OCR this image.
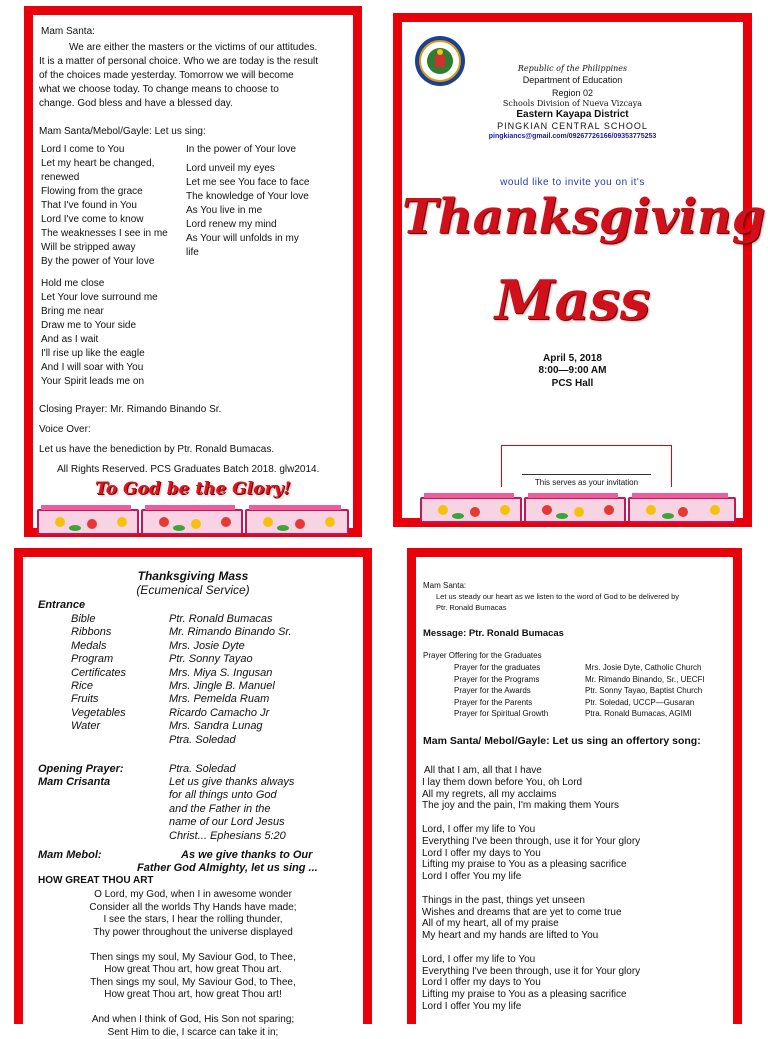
Mam Santa:
We are either the masters or the victims of our attitudes.
It is a matter of personal choice. Who we are today is the result
of the choices made yesterday. Tomorrow we will become
what we choose today. To change means to choose to
change. God bless and have a blessed day.
Mam Santa/Mebol/Gayle: Let us sing:
Lord I come to You
Let my heart be changed,
renewed
Flowing from the grace
That I've found in You
Lord I've come to know
The weaknesses I see in me
Will be stripped away
By the power of Your love
Hold me close
Let Your love surround me
Bring me near
Draw me to Your side
And as I wait
I'll rise up like the eagle
And I will soar with You
Your Spirit leads me on
In the power of Your love
Lord unveil my eyes
Let me see You face to face
The knowledge of Your love
As You live in me
Lord renew my mind
As Your will unfolds in my
life
Closing Prayer: Mr. Rimando Binando Sr.
Voice Over:
Let us have the benediction by Ptr. Ronald Bumacas.
All Rights Reserved. PCS Graduates Batch 2018. glw2014.
To God be the Glory!
Republic of the Philippines
Department of Education
Region 02
Schools Division of Nueva Vizcaya
Eastern Kayapa District
PINGKIAN CENTRAL SCHOOL
pingkiancs@gmail.com/09267726166/09353775253
would like to invite you on it's
Thanksgiving
Mass
April 5, 2018
8:00—9:00 AM
PCS Hall
This serves as your invitation
Thanksgiving Mass
(Ecumenical Service)
Entrance
Bible	Ptr. Ronald Bumacas
Ribbons	Mr. Rimando Binando Sr.
Medals	Mrs. Josie Dyte
Program	Ptr. Sonny Tayao
Certificates	Mrs. Miya S. Ingusan
Rice	Mrs. Jingle B. Manuel
Fruits	Mrs. Pemelda Ruam
Vegetables	Ricardo Camacho Jr
Water	Mrs. Sandra Lunag
Ptra. Soledad
Opening Prayer:	Ptra. Soledad
Mam Crisanta	Let us give thanks always
for all things unto God
and the Father in the
name of our Lord Jesus
Christ... Ephesians 5:20
Mam Mebol:	As we give thanks to Our
Father God Almighty, let us sing ...
HOW GREAT THOU ART
O Lord, my God, when I in awesome wonder
Consider all the worlds Thy Hands have made;
I see the stars, I hear the rolling thunder,
Thy power throughout the universe displayed
Then sings my soul, My Saviour God, to Thee,
How great Thou art, how great Thou art.
Then sings my soul, My Saviour God, to Thee,
How great Thou art, how great Thou art!
And when I think of God, His Son not sparing;
Sent Him to die, I scarce can take it in;
Mam Santa:
Let us steady our heart as we listen to the word of God to be delivered by
Ptr. Ronald Bumacas
Message: Ptr. Ronald Bumacas
Prayer Offering for the Graduates
Prayer for the graduates	Mrs. Josie Dyte, Catholic Church
Prayer for the Programs	Mr. Rimando Binando, Sr., UECFI
Prayer for the Awards	Ptr. Sonny Tayao, Baptist Church
Prayer for the Parents	Ptr. Soledad, UCCP—Gusaran
Prayer for Spiritual Growth	Ptra. Ronald Bumacas, AGIMI
Mam Santa/ Mebol/Gayle: Let us sing an offertory song:
All that I am, all that I have
I lay them down before You, oh Lord
All my regrets, all my acclaims
The joy and the pain, I'm making them Yours
Lord, I offer my life to You
Everything I've been through, use it for Your glory
Lord I offer my days to You
Lifting my praise to You as a pleasing sacrifice
Lord I offer You my life
Things in the past, things yet unseen
Wishes and dreams that are yet to come true
All of my heart, all of my praise
My heart and my hands are lifted to You
Lord, I offer my life to You
Everything I've been through, use it for Your glory
Lord I offer my days to You
Lifting my praise to You as a pleasing sacrifice
Lord I offer You my life
